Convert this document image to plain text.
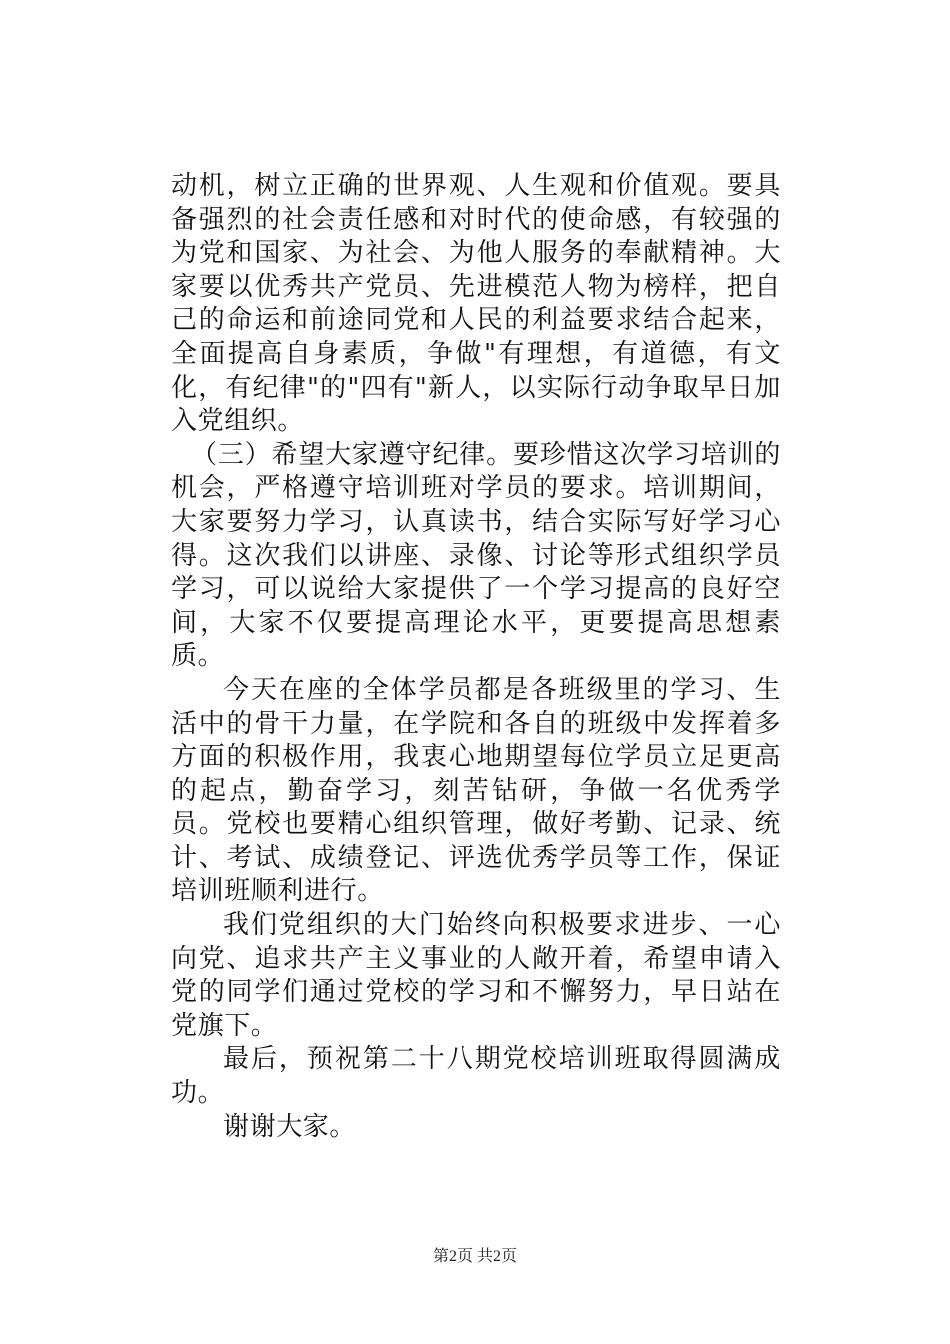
动机，树立正确的世界观、人生观和价值观。要具备强烈的社会责任感和对时代的使命感，有较强的为党和国家、为社会、为他人服务的奉献精神。大家要以优秀共产党员、先进模范人物为榜样，把自己的命运和前途同党和人民的利益要求结合起来，全面提高自身素质，争做"有理想，有道德，有文化，有纪律"的"四有"新人，以实际行动争取早日加入党组织。

（三）希望大家遵守纪律。要珍惜这次学习培训的机会，严格遵守培训班对学员的要求。培训期间，大家要努力学习，认真读书，结合实际写好学习心得。这次我们以讲座、录像、讨论等形式组织学员学习，可以说给大家提供了一个学习提高的良好空间，大家不仅要提高理论水平，更要提高思想素质。

今天在座的全体学员都是各班级里的学习、生活中的骨干力量，在学院和各自的班级中发挥着多方面的积极作用，我衷心地期望每位学员立足更高的起点，勤奋学习，刻苦钻研，争做一名优秀学员。党校也要精心组织管理，做好考勤、记录、统计、考试、成绩登记、评选优秀学员等工作，保证培训班顺利进行。

我们党组织的大门始终向积极要求进步、一心向党、追求共产主义事业的人敞开着，希望申请入党的同学们通过党校的学习和不懈努力，早日站在党旗下。

最后，预祝第二十八期党校培训班取得圆满成功。

谢谢大家。

第2页 共2页
